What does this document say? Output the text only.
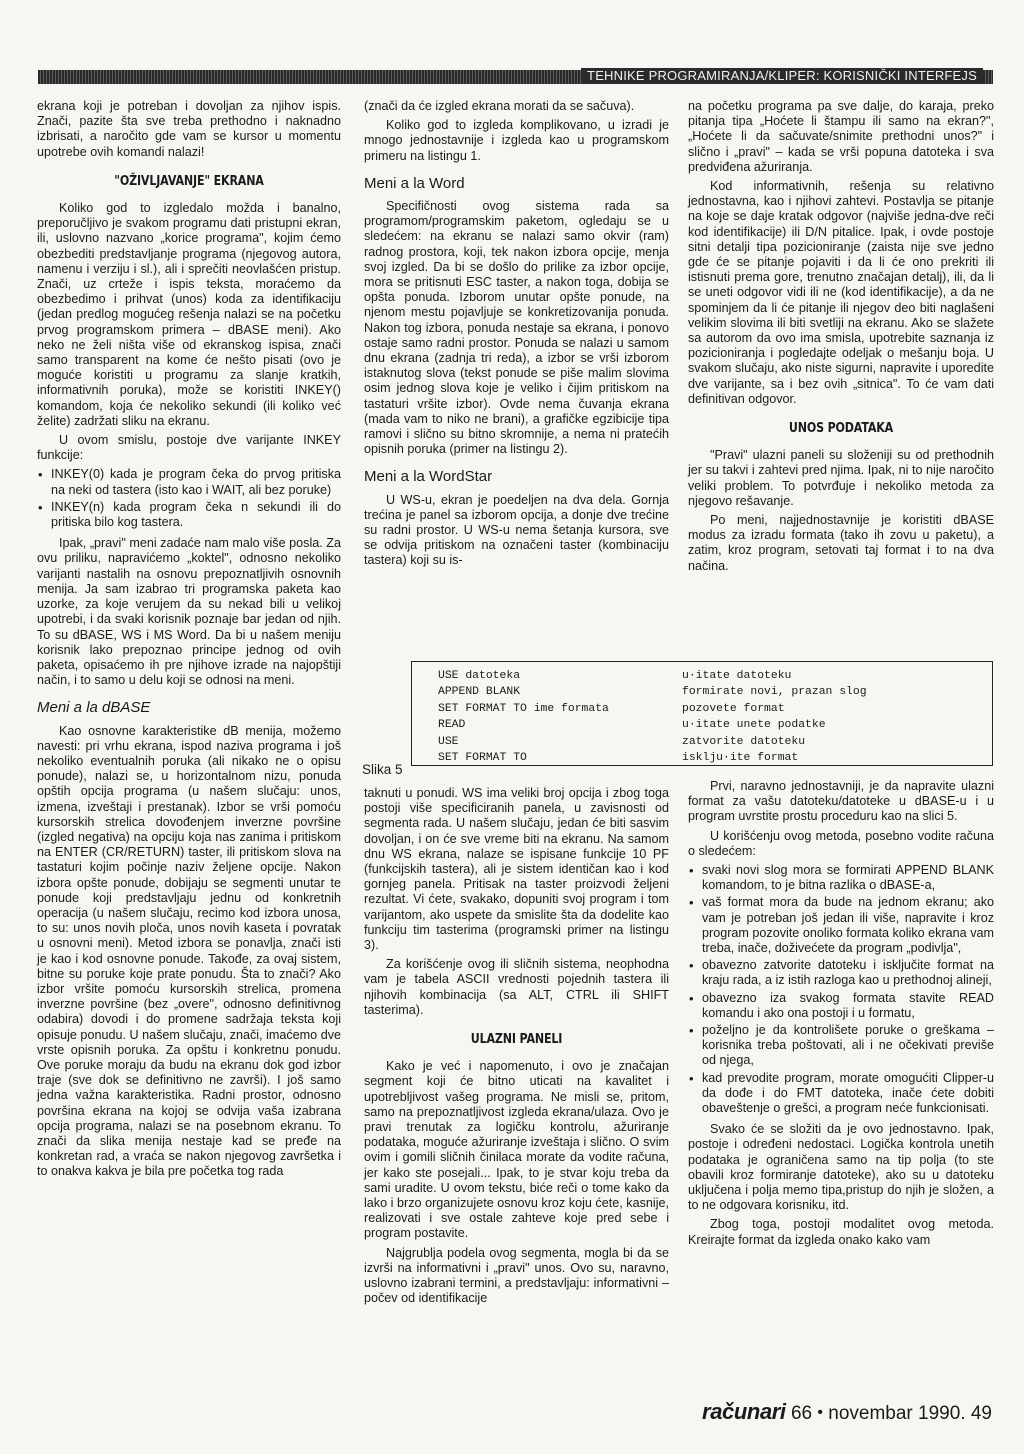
TEHNIKE PROGRAMIRANJA/KLIPER: KORISNIČKI INTERFEJS

ekrana koji je potreban i dovoljan za njihov ispis. Znači, pazite šta sve treba prethodno i naknadno izbrisati, a naročito gde vam se kursor u momentu upotrebe ovih komandi nalazi!

"OŽIVLJAVANJE" EKRANA

Koliko god to izgledalo možda i banalno, preporučljivo je svakom programu dati pristupni ekran, ili, uslovno nazvano „korice programa", kojim ćemo obezbediti predstavljanje programa (njegovog autora, namenu i verziju i sl.), ali i sprečiti neovlašćen pristup. Znači, uz crteže i ispis teksta, moraćemo da obezbedimo i prihvat (unos) koda za identifikaciju (jedan predlog mogućeg rešenja nalazi se na početku prvog programskom primera – dBASE meni). Ako neko ne želi ništa više od ekranskog ispisa, znači samo transparent na kome će nešto pisati (ovo je moguće koristiti u programu za slanje kratkih, informativnih poruka), može se koristiti INKEY() komandom, koja će nekoliko sekundi (ili koliko već želite) zadržati sliku na ekranu.

U ovom smislu, postoje dve varijante INKEY funkcije:

• INKEY(0) kada je program čeka do prvog pritiska na neki od tastera (isto kao i WAIT, ali bez poruke)
• INKEY(n) kada program čeka n sekundi ili do pritiska bilo kog tastera.

Ipak, „pravi" meni zadaće nam malo više posla. Za ovu priliku, napravićemo „koktel", odnosno nekoliko varijanti nastalih na osnovu prepoznatljivih osnovnih menija. Ja sam izabrao tri programska paketa kao uzorke, za koje verujem da su nekad bili u velikoj upotrebi, i da svaki korisnik poznaje bar jedan od njih. To su dBASE, WS i MS Word. Da bi u našem meniju korisnik lako prepoznao principe jednog od ovih paketa, opisaćemo ih pre njihove izrade na najopštiji način, i to samo u delu koji se odnosi na meni.

Meni a la dBASE

Kao osnovne karakteristike dB menija, možemo navesti: pri vrhu ekrana, ispod naziva programa i još nekoliko eventualnih poruka (ali nikako ne o opisu ponude), nalazi se, u horizontalnom nizu, ponuda opštih opcija programa (u našem slučaju: unos, izmena, izveštaji i prestanak). Izbor se vrši pomoću kursorskih strelica dovođenjem inverzne površine (izgled negativa) na opciju koja nas zanima i pritiskom na ENTER (CR/RETURN) taster, ili pritiskom slova na tastaturi kojim počinje naziv željene opcije. Nakon izbora opšte ponude, dobijaju se segmenti unutar te ponude koji predstavljaju jednu od konkretnih operacija (u našem slučaju, recimo kod izbora unosa, to su: unos novih ploča, unos novih kaseta i povratak u osnovni meni). Metod izbora se ponavlja, znači isti je kao i kod osnovne ponude. Takođe, za ovaj sistem, bitne su poruke koje prate ponudu. Šta to znači? Ako izbor vršite pomoću kursorskih strelica, promena inverzne površine (bez „overe", odnosno definitivnog odabira) dovodi i do promene sadržaja teksta koji opisuje ponudu. U našem slučaju, znači, imaćemo dve vrste opisnih poruka. Za opštu i konkretnu ponudu. Ove poruke moraju da budu na ekranu dok god izbor traje (sve dok se definitivno ne završi). I još samo jedna važna karakteristika. Radni prostor, odnosno površina ekrana na kojoj se odvija vaša izabrana opcija programa, nalazi se na posebnom ekranu. To znači da slika menija nestaje kad se pređe na konkretan rad, a vraća se nakon njegovog završetka i to onakva kakva je bila pre početka tog rada

(znači da će izgled ekrana morati da se sačuva).

Koliko god to izgleda komplikovano, u izradi je mnogo jednostavnije i izgleda kao u programskom primeru na listingu 1.

Meni a la Word

Specifičnosti ovog sistema rada sa programom/programskim paketom, ogledaju se u sledećem: na ekranu se nalazi samo okvir (ram) radnog prostora, koji, tek nakon izbora opcije, menja svoj izgled. Da bi se došlo do prilike za izbor opcije, mora se pritisnuti ESC taster, a nakon toga, dobija se opšta ponuda. Izborom unutar opšte ponude, na njenom mestu pojavljuje se konkretizovanija ponuda. Nakon tog izbora, ponuda nestaje sa ekrana, i ponovo ostaje samo radni prostor. Ponuda se nalazi u samom dnu ekrana (zadnja tri reda), a izbor se vrši izborom istaknutog slova (tekst ponude se piše malim slovima osim jednog slova koje je veliko i čijim pritiskom na tastaturi vršite izbor). Ovde nema čuvanja ekrana (mada vam to niko ne brani), a grafičke egzibicije tipa ramovi i slično su bitno skromnije, a nema ni pratećih opisnih poruka (primer na listingu 2).

Meni a la WordStar

U WS-u, ekran je poedeljen na dva dela. Gornja trećina je panel sa izborom opcija, a donje dve trećine su radni prostor. U WS-u nema šetanja kursora, sve se odvija pritiskom na označeni taster (kombinaciju tastera) koji su is-

na početku programa pa sve dalje, do karaja, preko pitanja tipa „Hoćete li štampu ili samo na ekran?", „Hoćete li da sačuvate/snimite prethodni unos?" i slično i „pravi" – kada se vrši popuna datoteka i sva predviđena ažuriranja.

Kod informativnih, rešenja su relativno jednostavna, kao i njihovi zahtevi. Postavlja se pitanje na koje se daje kratak odgovor (najviše jedna-dve reči kod identifikacije) ili D/N pitalice. Ipak, i ovde postoje sitni detalji tipa pozicioniranje (zaista nije sve jedno gde će se pitanje pojaviti i da li će ono prekriti ili istisnuti prema gore, trenutno značajan detalj), ili, da li se uneti odgovor vidi ili ne (kod identifikacije), a da ne spominjem da li će pitanje ili njegov deo biti naglašeni velikim slovima ili biti svetliji na ekranu. Ako se slažete sa autorom da ovo ima smisla, upotrebite saznanja iz pozicioniranja i pogledajte odeljak o mešanju boja. U svakom slučaju, ako niste sigurni, napravite i uporedite dve varijante, sa i bez ovih „sitnica". To će vam dati definitivan odgovor.

UNOS PODATAKA

"Pravi" ulazni paneli su složeniji su od prethodnih jer su takvi i zahtevi pred njima. Ipak, ni to nije naročito veliki problem. To potvrđuje i nekoliko metoda za njegovo rešavanje.

Po meni, najjednostavnije je koristiti dBASE modus za izradu formata (tako ih zovu u paketu), a zatim, kroz program, setovati taj format i to na dva načina.

USE datoteka
APPEND BLANK
SET FORMAT TO ime formata
READ
USE
SET FORMAT TO
u·itate datoteku
formirate novi, prazan slog
pozovete format
u·itate unete podatke
zatvorite datoteku
isklju·ite format
Slika 5

taknuti u ponudi. WS ima veliki broj opcija i zbog toga postoji više specificiranih panela, u zavisnosti od segmenta rada. U našem slučaju, jedan će biti sasvim dovoljan, i on će sve vreme biti na ekranu. Na samom dnu WS ekrana, nalaze se ispisane funkcije 10 PF (funkcijskih tastera), ali je sistem identičan kao i kod gornjeg panela. Pritisak na taster proizvodi željeni rezultat. Vi ćete, svakako, dopuniti svoj program i tom varijantom, ako uspete da smislite šta da dodelite kao funkciju tim tasterima (programski primer na listingu 3).

Za korišćenje ovog ili sličnih sistema, neophodna vam je tabela ASCII vrednosti pojednih tastera ili njihovih kombinacija (sa ALT, CTRL ili SHIFT tasterima).

ULAZNI PANELI

Kako je već i napomenuto, i ovo je značajan segment koji će bitno uticati na kavalitet i upotrebljivost vašeg programa. Ne misli se, pritom, samo na prepoznatljivost izgleda ekrana/ulaza. Ovo je pravi trenutak za logičku kontrolu, ažuriranje podataka, moguće ažuriranje izveštaja i slično. O svim ovim i gomili sličnih činilaca morate da vodite računa, jer kako ste posejali... Ipak, to je stvar koju treba da sami uradite. U ovom tekstu, biće reči o tome kako da lako i brzo organizujete osnovu kroz koju ćete, kasnije, realizovati i sve ostale zahteve koje pred sebe i program postavite.

Najgrublja podela ovog segmenta, mogla bi da se izvrši na informativni i „pravi" unos. Ovo su, naravno, uslovno izabrani termini, a predstavljaju: informativni – počev od identifikacije

Prvi, naravno jednostavniji, je da napravite ulazni format za vašu datoteku/datoteke u dBASE-u i u program uvrstite prostu proceduru kao na slici 5.

U korišćenju ovog metoda, posebno vodite računa o sledećem:

• svaki novi slog mora se formirati APPEND BLANK komandom, to je bitna razlika o dBASE-a,
• vaš format mora da bude na jednom ekranu; ako vam je potreban još jedan ili više, napravite i kroz program pozovite onoliko formata koliko ekrana vam treba, inače, doživećete da program „podivlja",
• obavezno zatvorite datoteku i isključite format na kraju rada, a iz istih razloga kao u prethodnoj alineji,
• obavezno iza svakog formata stavite READ komandu i ako ona postoji i u formatu,
• poželjno je da kontrolišete poruke o greškama – korisnika treba poštovati, ali i ne očekivati previše od njega,
• kad prevodite program, morate omogućiti Clipper-u da dođe i do FMT datoteka, inače ćete dobiti obaveštenje o grešci, a program neće funkcionisati.

Svako će se složiti da je ovo jednostavno. Ipak, postoje i određeni nedostaci. Logička kontrola unetih podataka je ograničena samo na tip polja (to ste obavili kroz formiranje datoteke), ako su u datoteku uključena i polja memo tipa,pristup do njih je složen, a to ne odgovara korisniku, itd.

Zbog toga, postoji modalitet ovog metoda. Kreirajte format da izgleda onako kako vam

računari 66 • novembar 1990. 49
